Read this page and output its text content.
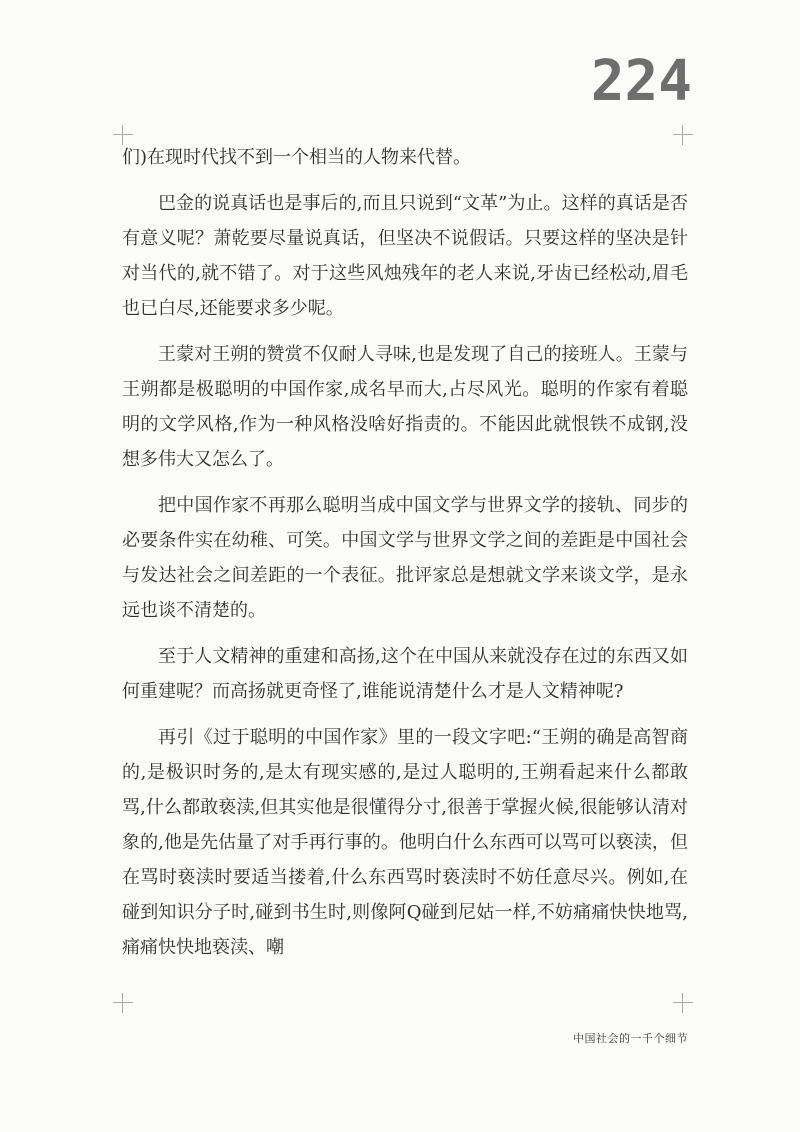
224

们)在现时代找不到一个相当的人物来代替。

巴金的说真话也是事后的,而且只说到“文革”为止。这样的真话是否有意义呢？萧乾要尽量说真话，但坚决不说假话。只要这样的坚决是针对当代的,就不错了。对于这些风烛残年的老人来说,牙齿已经松动,眉毛也已白尽,还能要求多少呢。

王蒙对王朔的赞赏不仅耐人寻味,也是发现了自己的接班人。王蒙与王朔都是极聪明的中国作家,成名早而大,占尽风光。聪明的作家有着聪明的文学风格,作为一种风格没啥好指责的。不能因此就恨铁不成钢,没想多伟大又怎么了。

把中国作家不再那么聪明当成中国文学与世界文学的接轨、同步的必要条件实在幼稚、可笑。中国文学与世界文学之间的差距是中国社会与发达社会之间差距的一个表征。批评家总是想就文学来谈文学，是永远也谈不清楚的。

至于人文精神的重建和高扬,这个在中国从来就没存在过的东西又如何重建呢？而高扬就更奇怪了,谁能说清楚什么才是人文精神呢?

再引《过于聪明的中国作家》里的一段文字吧:“王朔的确是高智商的,是极识时务的,是太有现实感的,是过人聪明的,王朔看起来什么都敢骂,什么都敢亵渎,但其实他是很懂得分寸,很善于掌握火候,很能够认清对象的,他是先估量了对手再行事的。他明白什么东西可以骂可以亵渎，但在骂时亵渎时要适当搂着,什么东西骂时亵渎时不妨任意尽兴。例如,在碰到知识分子时,碰到书生时,则像阿Q碰到尼姑一样,不妨痛痛快快地骂,痛痛快快地亵渎、嘲

中国社会的一千个细节
